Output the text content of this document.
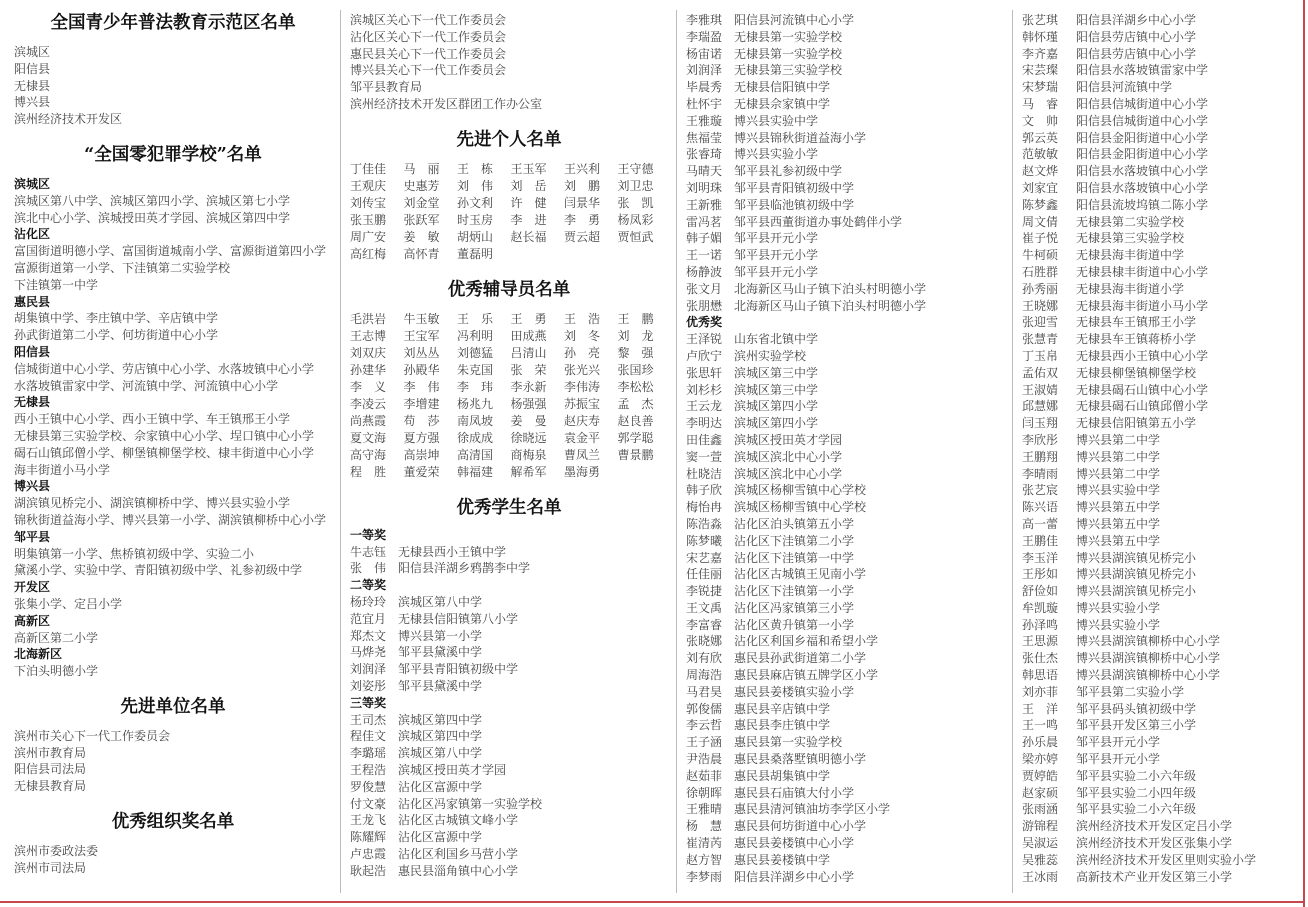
全国青少年普法教育示范区名单
滨城区
阳信县
无棣县
博兴县
滨州经济技术开发区
“全国零犯罪学校”名单
滨城区
滨城区第八中学、滨城区第四小学、滨城区第七小学
滨北中心小学、滨城授田英才学园、滨城区第四中学
沾化区
富国街道明德小学、富国街道城南小学、富源街道第四小学
富源街道第一小学、下洼镇第二实验学校
下洼镇第一中学
惠民县
胡集镇中学、李庄镇中学、辛店镇中学
孙武街道第二小学、何坊街道中心小学
阳信县
信城街道中心小学、劳店镇中心小学、水落坡镇中心小学
水落坡镇雷家中学、河流镇中学、河流镇中心小学
无棣县
西小王镇中心小学、西小王镇中学、车王镇邢王小学
无棣县第三实验学校、佘家镇中心小学、埕口镇中心小学
碣石山镇邱僧小学、柳堡镇柳堡学校、棣丰街道中心小学
海丰街道小马小学
博兴县
湖滨镇见桥完小、湖滨镇柳桥中学、博兴县实验小学
锦秋街道益海小学、博兴县第一小学、湖滨镇柳桥中心小学
邹平县
明集镇第一小学、焦桥镇初级中学、实验二小
黛溪小学、实验中学、青阳镇初级中学、礼参初级中学
开发区
张集小学、定吕小学
高新区
高新区第二小学
北海新区
下泊头明德小学
先进单位名单
滨州市关心下一代工作委员会
滨州市教育局
阳信县司法局
无棣县教育局
优秀组织奖名单
滨州市委政法委
滨州市司法局
滨城区关心下一代工作委员会
沾化区关心下一代工作委员会
惠民县关心下一代工作委员会
博兴县关心下一代工作委员会
邹平县教育局
滨州经济技术开发区群团工作办公室
先进个人名单
丁佳佳	马　丽	王　栋	王玉军	王兴利	王守德
王观庆	史惠芳	刘　伟	刘　岳	刘　鹏	刘卫忠
刘传宝	刘金堂	孙文利	许　健	闫景华	张　凯
张玉鹏	张跃军	时玉房	李　进	李　勇	杨凤彩
周广安	姜　敏	胡炳山	赵长福	贾云超	贾恒武
高红梅	高怀青	董磊明
优秀辅导员名单
毛洪岩	牛玉敏	王　乐	王　勇	王　浩	王　鹏
王志博	王宝军	冯利明	田成燕	刘　冬	刘　龙
刘双庆	刘丛丛	刘德猛	吕清山	孙　亮	黎　强
孙建华	孙殿华	朱克国	张　荣	张光兴	张国珍
李　义	李　伟	李　玮	李永新	李伟涛	李松松
李凌云	李增建	杨兆九	杨强强	苏振宝	孟　杰
尚燕霞	苟　莎	南凤坡	姜　曼	赵庆寿	赵良善
夏文海	夏方强	徐成成	徐晓远	袁金平	郭学聪
高守海	高崇坤	高清国	商梅泉	曹凤兰	曹景鹏
程　胜	董爱荣	韩福建	解希军	墨海勇
优秀学生名单
一等奖
牛志钰 无棣县西小王镇中学
张　伟 阳信县洋湖乡鸦鹊李中学
二等奖
杨玲玲 滨城区第八中学
范宜月 无棣县信阳镇第八小学
郑杰文 博兴县第一小学
马烨尧 邹平县黛溪中学
刘润泽 邹平县青阳镇初级中学
刘姿彤 邹平县黛溪中学
三等奖
王司杰 滨城区第四中学
程佳文 滨城区第四中学
李璐瑶 滨城区第八中学
王程浩 滨城区授田英才学园
罗俊慧 沾化区富源中学
付文豪 沾化区冯家镇第一实验学校
王龙飞 沾化区古城镇文峰小学
陈耀辉 沾化区富源中学
卢忠霞 沾化区利国乡马营小学
耿起浩 惠民县淄角镇中心小学
李雅琪 阳信县河流镇中心小学
李瑞盈 无棣县第一实验学校
杨宙诺 无棣县第一实验学校
刘润泽 无棣县第三实验学校
毕晨秀 无棣县信阳镇中学
杜怀宇 无棣县佘家镇中学
王雅璇 博兴县实验中学
焦福莹 博兴县锦秋街道益海小学
张睿琦 博兴县实验小学
马晴天 邹平县礼参初级中学
刘明珠 邹平县青阳镇初级中学
王新雅 邹平县临池镇初级中学
雷冯茗 邹平县西董街道办事处鹤伴小学
韩子媚 邹平县开元小学
王一诺 邹平县开元小学
杨静波 邹平县开元小学
张文月 北海新区马山子镇下泊头村明德小学
张朋懋 北海新区马山子镇下泊头村明德小学
优秀奖
王泽锐 山东省北镇中学
卢欣宁 滨州实验学校
张思轩 滨城区第三中学
刘杉杉 滨城区第三中学
王云龙 滨城区第四小学
李明达 滨城区第四小学
田佳鑫 滨城区授田英才学园
窦一萱 滨城区滨北中心小学
杜晓洁 滨城区滨北中心小学
韩子欣 滨城区杨柳雪镇中心学校
梅怡冉 滨城区杨柳雪镇中心学校
陈浩淼 沾化区泊头镇第五小学
陈梦曦 沾化区下洼镇第二小学
宋艺嘉 沾化区下洼镇第一中学
任佳丽 沾化区古城镇王见南小学
李锐捷 沾化区下洼镇第一小学
王文禹 沾化区冯家镇第三小学
李富睿 沾化区黄升镇第一小学
张晓娜 沾化区利国乡福和希望小学
刘有欣 惠民县孙武街道第二小学
周海浩 惠民县麻店镇五牌学区小学
马君昊 惠民县姜楼镇实验小学
郭俊儒 惠民县辛店镇中学
李云哲 惠民县李庄镇中学
王子涵 惠民县第一实验学校
尹浩晨 惠民县桑落墅镇明德小学
赵茹菲 惠民县胡集镇中学
徐朝晖 惠民县石庙镇大付小学
王雅晴 惠民县清河镇油坊李学区小学
杨　慧 惠民县何坊街道中心小学
崔清芮 惠民县姜楼镇中心小学
赵方智 惠民县姜楼镇中学
李梦雨 阳信县洋湖乡中心小学
张艺琪	阳信县洋湖乡中心小学
韩怀瑾	阳信县劳店镇中心小学
李齐嘉	阳信县劳店镇中心小学
宋芸璨	阳信县水落坡镇雷家中学
宋梦瑞	阳信县河流镇中学
马　睿	阳信县信城街道中心小学
文　帅	阳信县信城街道中心小学
郭云英	阳信县金阳街道中心小学
范敏敏	阳信县金阳街道中心小学
赵文烨	阳信县水落坡镇中心小学
刘家宜	阳信县水落坡镇中心小学
陈梦鑫	阳信县流坡坞镇二陈小学
周文倩	无棣县第二实验学校
崔子悦	无棣县第三实验学校
牛柯硕	无棣县海丰街道中学
石胜群	无棣县棣丰街道中心小学
孙秀丽	无棣县海丰街道小学
王晓娜	无棣县海丰街道小马小学
张迎雪	无棣县车王镇邢王小学
张慧青	无棣县车王镇蒋桥小学
丁玉帛	无棣县西小王镇中心小学
孟佑双	无棣县柳堡镇柳堡学校
王淑婧	无棣县碣石山镇中心小学
邱慧娜	无棣县碣石山镇邱僧小学
闫玉翔	无棣县信阳镇第五小学
李欣彤	博兴县第二中学
王鹏翔	博兴县第二中学
李晴雨	博兴县第二中学
张艺宸	博兴县实验中学
陈兴语	博兴县第五中学
高一蕾	博兴县第五中学
王鹏佳	博兴县第五中学
李玉洋	博兴县湖滨镇见桥完小
王彤如	博兴县湖滨镇见桥完小
舒俭如	博兴县湖滨镇见桥完小
牟凯璇	博兴县实验小学
孙泽鸣	博兴县实验小学
王思源	博兴县湖滨镇柳桥中心小学
张仕杰	博兴县湖滨镇柳桥中心小学
韩思语	博兴县湖滨镇柳桥中心小学
刘亦菲	邹平县第二实验小学
王　洋	邹平县码头镇初级中学
王一鸣	邹平县开发区第三小学
孙乐晨	邹平县开元小学
梁亦婷	邹平县开元小学
贾婷皓	邹平县实验二小六年级
赵家硕	邹平县实验二小四年级
张雨涵	邹平县实验二小六年级
游锦程	滨州经济技术开发区定吕小学
吴淑运	滨州经济技术开发区张集小学
吴雅蕊	滨州经济技术开发区里则实验小学
王冰雨	高新技术产业开发区第三小学
